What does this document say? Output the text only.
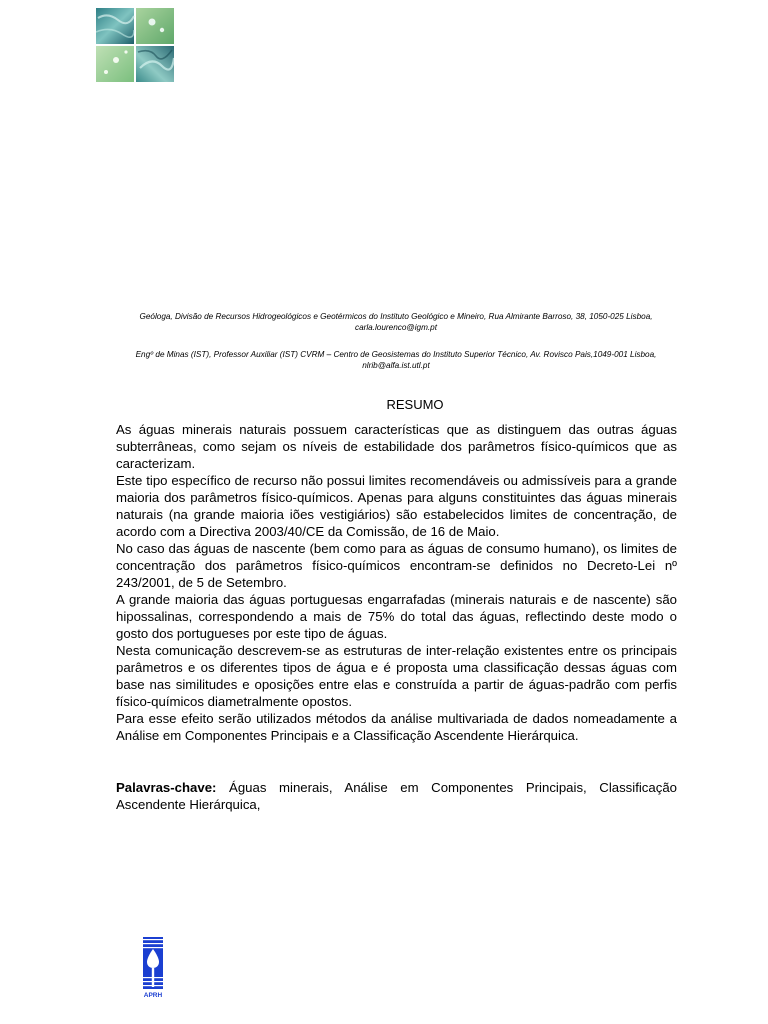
Geóloga, Divisão de Recursos Hidrogeológicos e Geotérmicos do Instituto Geológico e Mineiro, Rua Almirante Barroso, 38, 1050-025 Lisboa,
carla.lourenco@igm.pt
Engº de Minas (IST), Professor Auxiliar (IST) CVRM – Centro de Geosistemas do Instituto Superior Técnico, Av. Rovisco Pais,1049-001 Lisboa,
nlrib@alfa.ist.utl.pt
RESUMO

As águas minerais naturais possuem características que as distinguem das outras águas subterrâneas, como sejam os níveis de estabilidade dos parâmetros físico-químicos que as caracterizam.

Este tipo específico de recurso não possui limites recomendáveis ou admissíveis para a grande maioria dos parâmetros físico-químicos. Apenas para alguns constituintes das águas minerais naturais (na grande maioria iões vestigiários) são estabelecidos limites de concentração, de acordo com a Directiva 2003/40/CE da Comissão, de 16 de Maio.

No caso das águas de nascente (bem como para as águas de consumo humano), os limites de concentração dos parâmetros físico-químicos encontram-se definidos no Decreto-Lei nº 243/2001, de 5 de Setembro.

A grande maioria das águas portuguesas engarrafadas (minerais naturais e de nascente) são hipossalinas, correspondendo a mais de 75% do total das águas, reflectindo deste modo o gosto dos portugueses por este tipo de águas.

Nesta comunicação descrevem-se as estruturas de inter-relação existentes entre os principais parâmetros e os diferentes tipos de água e é proposta uma classificação dessas águas com base nas similitudes e oposições entre elas e construída a partir de águas-padrão com perfis físico-químicos diametralmente opostos.

Para esse efeito serão utilizados métodos da análise multivariada de dados nomeadamente a Análise em Componentes Principais e a Classificação Ascendente Hierárquica.

Palavras-chave: Águas minerais, Análise em Componentes Principais, Classificação Ascendente Hierárquica,
APRH
